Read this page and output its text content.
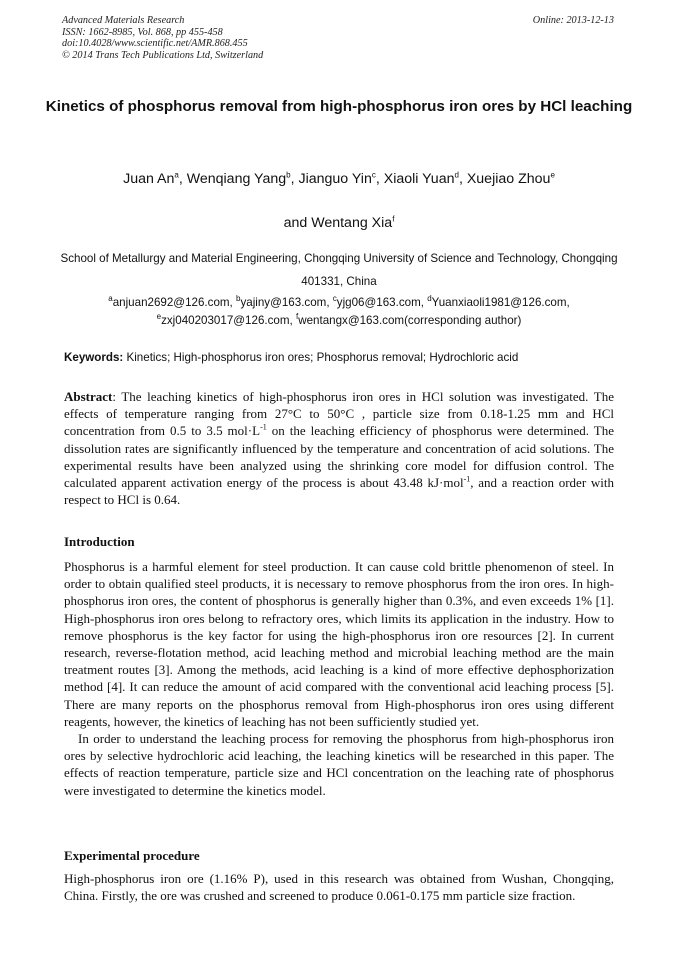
Advanced Materials Research
ISSN: 1662-8985, Vol. 868, pp 455-458
doi:10.4028/www.scientific.net/AMR.868.455
© 2014 Trans Tech Publications Ltd, Switzerland
Online: 2013-12-13
Kinetics of phosphorus removal from high-phosphorus iron ores by HCl leaching
Juan An$^a$, Wenqiang Yang$^b$, Jianguo Yin$^c$, Xiaoli Yuan$^d$, Xuejiao Zhou$^e$
and Wentang Xia$^f$
School of Metallurgy and Material Engineering, Chongqing University of Science and Technology, Chongqing 401331, China
$^a$anjuan2692@126.com, $^b$yajiny@163.com, $^c$yjg06@163.com, $^d$Yuanxiaoli1981@126.com,
$^e$zxj040203017@126.com, $^f$wentangx@163.com(corresponding author)
Keywords: Kinetics; High-phosphorus iron ores; Phosphorus removal; Hydrochloric acid
Abstract: The leaching kinetics of high-phosphorus iron ores in HCl solution was investigated. The effects of temperature ranging from 27°C to 50°C , particle size from 0.18-1.25 mm and HCl concentration from 0.5 to 3.5 $mol\cdot L^{-1}$ on the leaching efficiency of phosphorus were determined. The dissolution rates are significantly influenced by the temperature and concentration of acid solutions. The experimental results have been analyzed using the shrinking core model for diffusion control. The calculated apparent activation energy of the process is about 43.48 kJ·mol$^{-1}$, and a reaction order with respect to HCl is 0.64.
Introduction

Phosphorus is a harmful element for steel production. It can cause cold brittle phenomenon of steel. In order to obtain qualified steel products, it is necessary to remove phosphorus from the iron ores. In high-phosphorus iron ores, the content of phosphorus is generally higher than 0.3%, and even exceeds 1% [1]. High-phosphorus iron ores belong to refractory ores, which limits its application in the industry. How to remove phosphorus is the key factor for using the high-phosphorus iron ore resources [2]. In current research, reverse-flotation method, acid leaching method and microbial leaching method are the main treatment routes [3]. Among the methods, acid leaching is a kind of more effective dephosphorization method [4]. It can reduce the amount of acid compared with the conventional acid leaching process [5]. There are many reports on the phosphorus removal from High-phosphorus iron ores using different reagents, however, the kinetics of leaching has not been sufficiently studied yet.

In order to understand the leaching process for removing the phosphorus from high-phosphorus iron ores by selective hydrochloric acid leaching, the leaching kinetics will be researched in this paper. The effects of reaction temperature, particle size and HCl concentration on the leaching rate of phosphorus were investigated to determine the kinetics model.

Experimental procedure
High-phosphorus iron ore (1.16% P), used in this research was obtained from Wushan, Chongqing, China. Firstly, the ore was crushed and screened to produce 0.061-0.175 mm particle size fraction.
